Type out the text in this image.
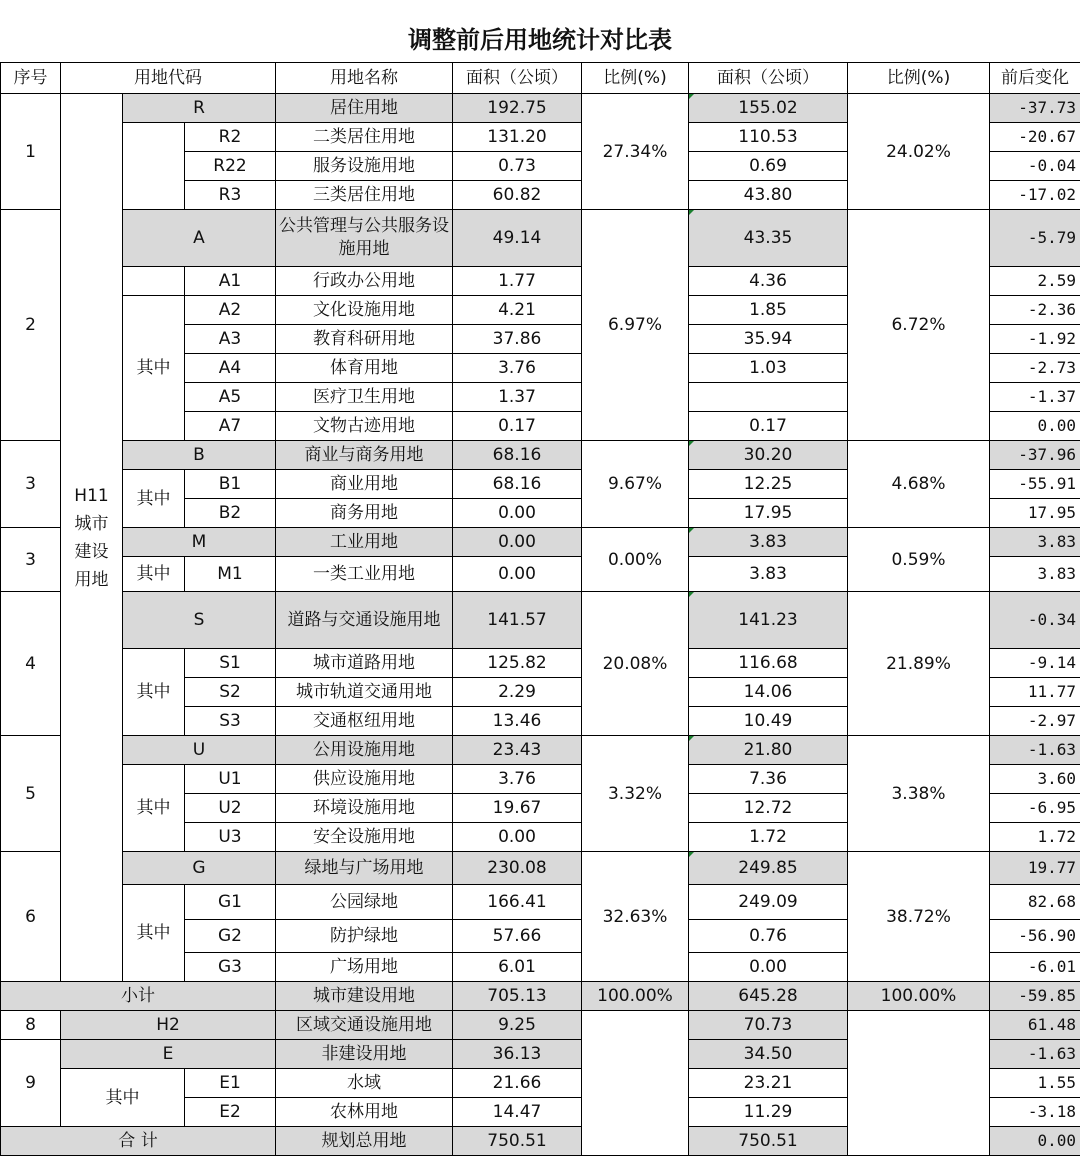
调整前后用地统计对比表
序号	用地代码			用地名称	面积（公顷）	比例(%)	面积（公顷）	比例(%)	前后变化
1	H11城市建设用地	R		居住用地	192.75	27.34%	155.02	24.02%	-37.73
			R2	二类居住用地	131.20		110.53		-20.67
			R22	服务设施用地	0.73		0.69		-0.04
			R3	三类居住用地	60.82		43.80		-17.02
2		A		公共管理与公共服务设施用地	49.14	6.97%	43.35	6.72%	-5.79
			A1	行政办公用地	1.77		4.36		2.59
		其中	A2	文化设施用地	4.21		1.85		-2.36
			A3	教育科研用地	37.86		35.94		-1.92
			A4	体育用地	3.76		1.03		-2.73
			A5	医疗卫生用地	1.37				-1.37
			A7	文物古迹用地	0.17		0.17		0.00
3		B		商业与商务用地	68.16	9.67%	30.20	4.68%	-37.96
		其中	B1	商业用地	68.16		12.25		-55.91
			B2	商务用地	0.00		17.95		17.95
3		M		工业用地	0.00	0.00%	3.83	0.59%	3.83
		其中	M1	一类工业用地	0.00		3.83		3.83
4		S		道路与交通设施用地	141.57	20.08%	141.23	21.89%	-0.34
		其中	S1	城市道路用地	125.82		116.68		-9.14
			S2	城市轨道交通用地	2.29		14.06		11.77
			S3	交通枢纽用地	13.46		10.49		-2.97
5		U		公用设施用地	23.43	3.32%	21.80	3.38%	-1.63
		其中	U1	供应设施用地	3.76		7.36		3.60
			U2	环境设施用地	19.67		12.72		-6.95
			U3	安全设施用地	0.00		1.72		1.72
6		G		绿地与广场用地	230.08	32.63%	249.85	38.72%	19.77
		其中	G1	公园绿地	166.41		249.09		82.68
			G2	防护绿地	57.66		0.76		-56.90
			G3	广场用地	6.01		0.00		-6.01
小计				城市建设用地	705.13	100.00%	645.28	100.00%	-59.85
8	H2			区域交通设施用地	9.25		70.73		61.48
9	E			非建设用地	36.13		34.50		-1.63
	其中		E1	水域	21.66		23.21		1.55
			E2	农林用地	14.47		11.29		-3.18
合 计				规划总用地	750.51		750.51		0.00
